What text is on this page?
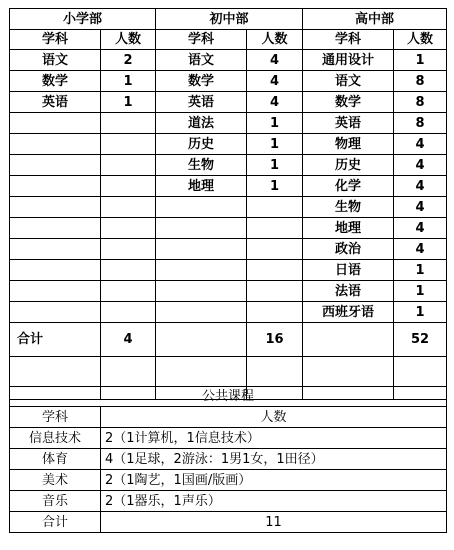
小学部		初中部		高中部	
学科	人数	学科	人数	学科	人数
语文	2	语文	4	通用设计	1
数学	1	数学	4	语文	8
英语	1	英语	4	数学	8
		道法	1	英语	8
		历史	1	物理	4
		生物	1	历史	4
		地理	1	化学	4
				生物	4
				地理	4
				政治	4
				日语	1
				法语	1
				西班牙语	1
合计	4		16		52

公共课程	
学科	人数
信息技术	2（1计算机，1信息技术）
体育	4（1足球，2游泳：1男1女，1田径）
美术	2（1陶艺，1国画/版画）
音乐	2（1器乐，1声乐）
合计	11
